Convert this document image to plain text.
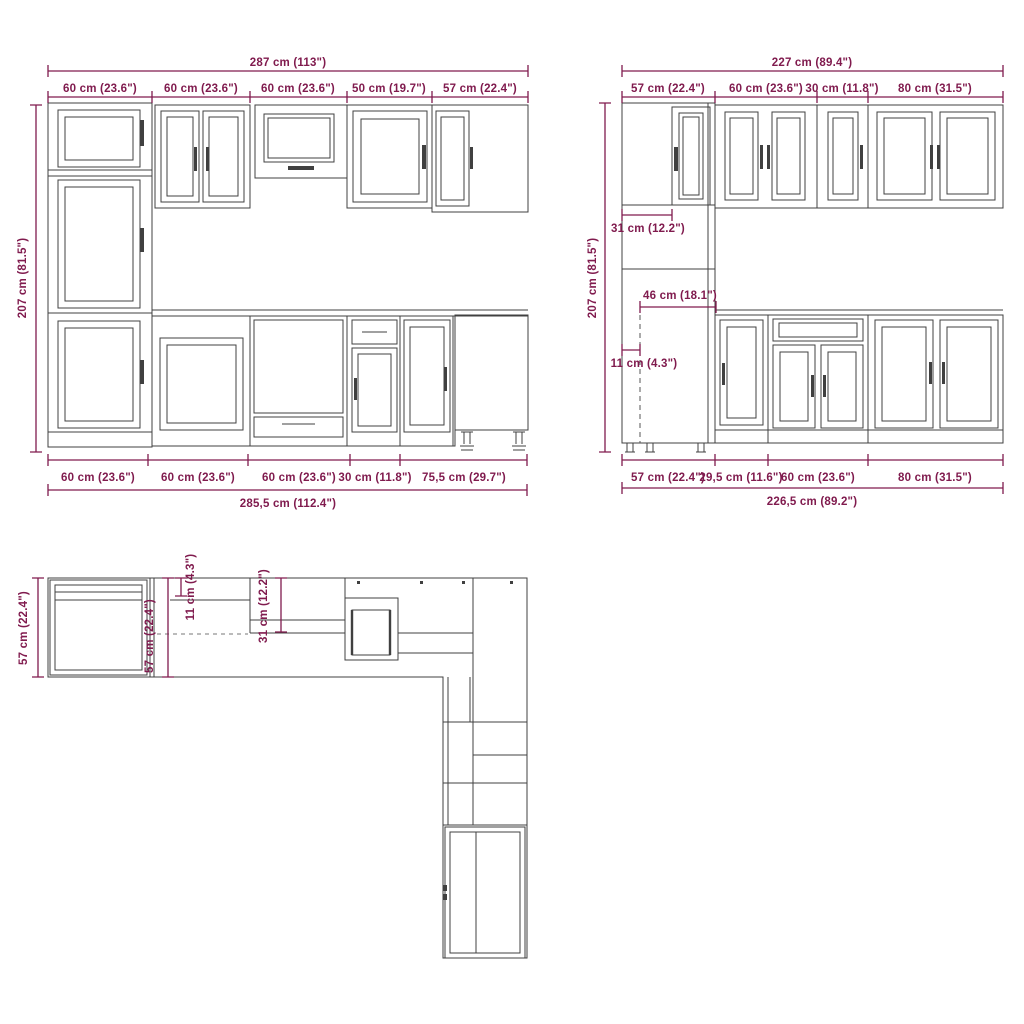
287 cm (113")
60 cm (23.6") 60 cm (23.6") 60 cm (23.6") 50 cm (19.7") 57 cm (22.4")
207 cm (81.5")
60 cm (23.6") 60 cm (23.6") 60 cm (23.6") 30 cm (11.8") 75,5 cm (29.7")
285,5 cm (112.4")
227 cm (89.4")
57 cm (22.4") 60 cm (23.6") 30 cm (11.8") 80 cm (31.5")
207 cm (81.5")
31 cm (12.2")
46 cm (18.1")
11 cm (4.3")
57 cm (22.4")
29,5 cm (11.6")
60 cm (23.6")	80 cm (31.5")
226,5 cm (89.2")
57 cm (22.4")	57 cm (22.4")
11 cm (4.3")	31 cm (12.2")
